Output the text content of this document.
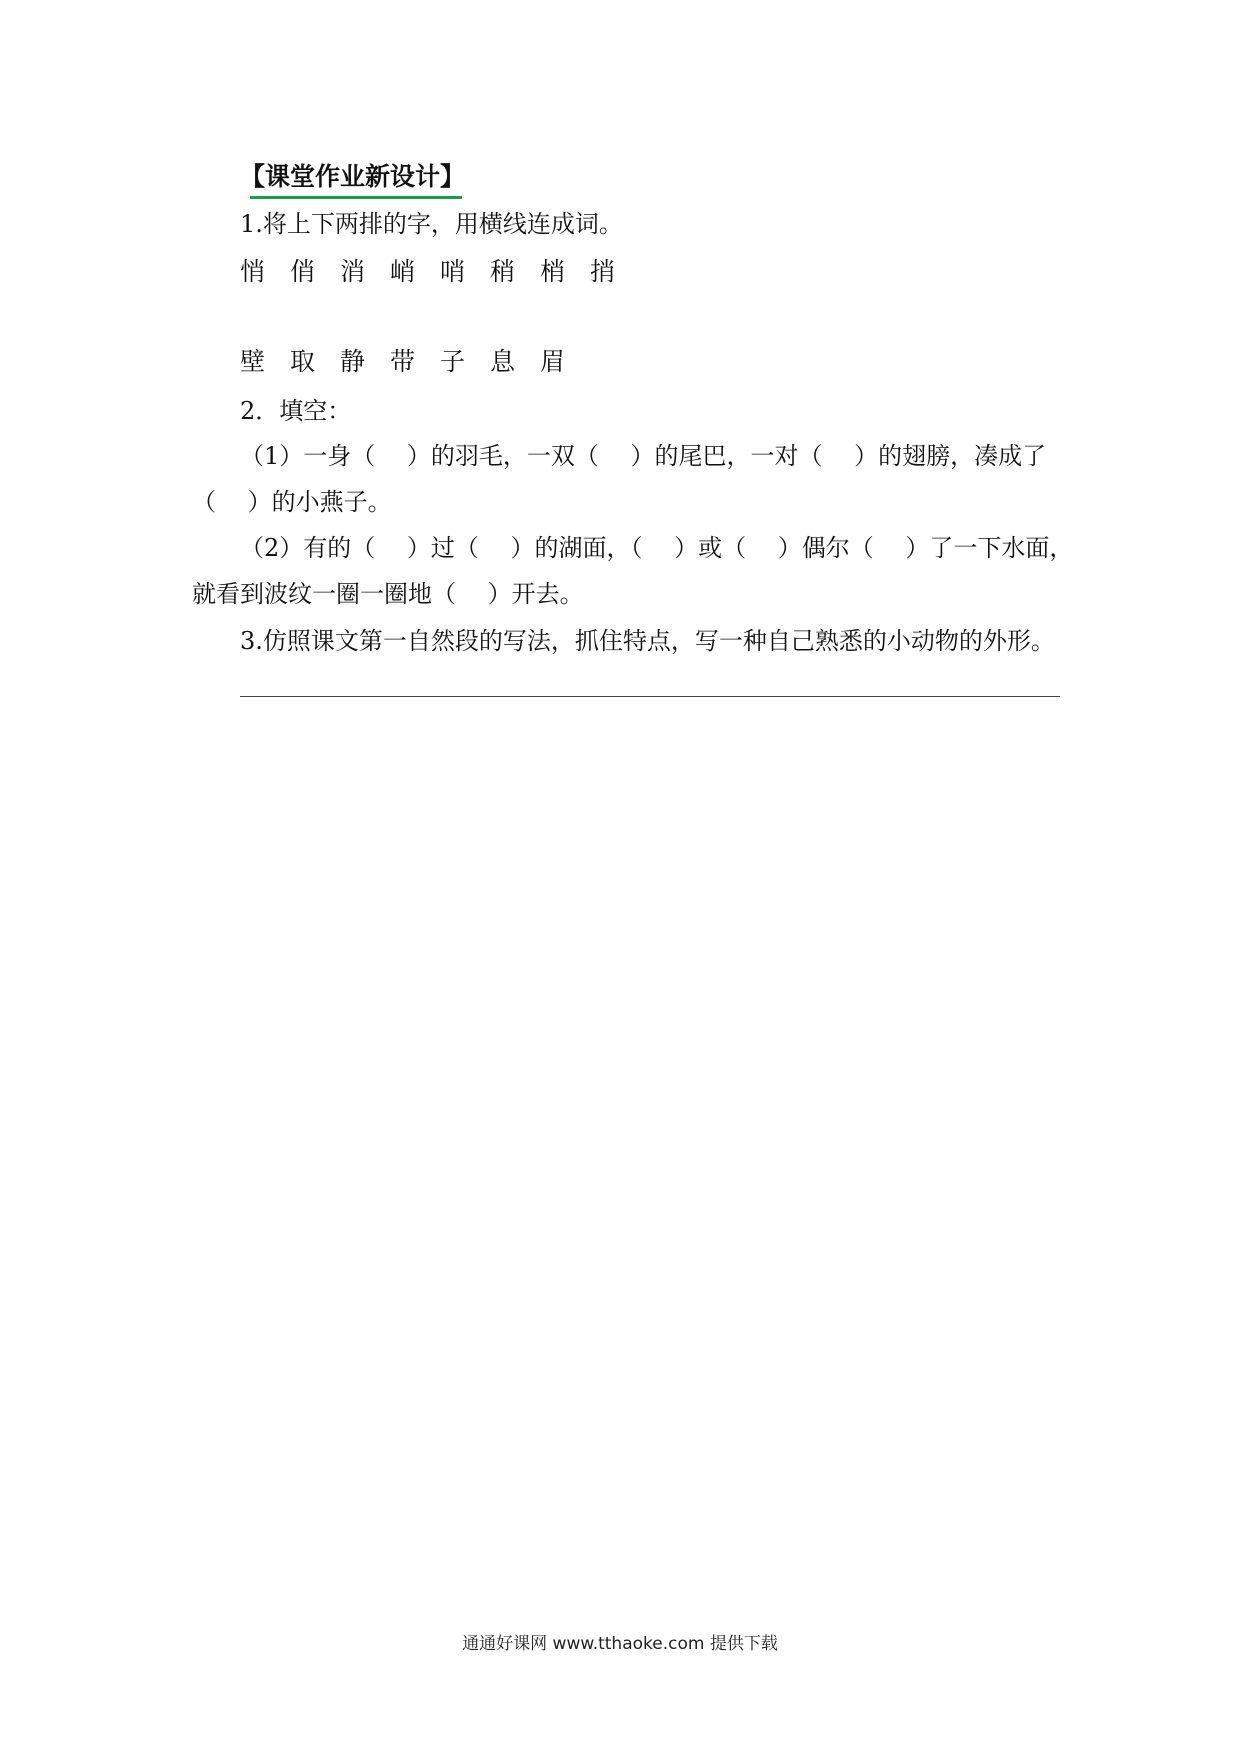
【课堂作业新设计】
1.将上下两排的字，用横线连成词。
悄 俏 消 峭 哨 稍 梢 捎
壁 取 静 带 子 息 眉
2．填空：
（1）一身（　 ）的羽毛，一双（　 ）的尾巴，一对（　 ）的翅膀，凑成了
（　 ）的小燕子。
（2）有的（　 ）过（　 ）的湖面，（　 ）或（　 ）偶尔（　 ）了一下水面，
就看到波纹一圈一圈地（　 ）开去。
3.仿照课文第一自然段的写法，抓住特点，写一种自己熟悉的小动物的外形。
通通好课网 www.tthaoke.com 提供下载
